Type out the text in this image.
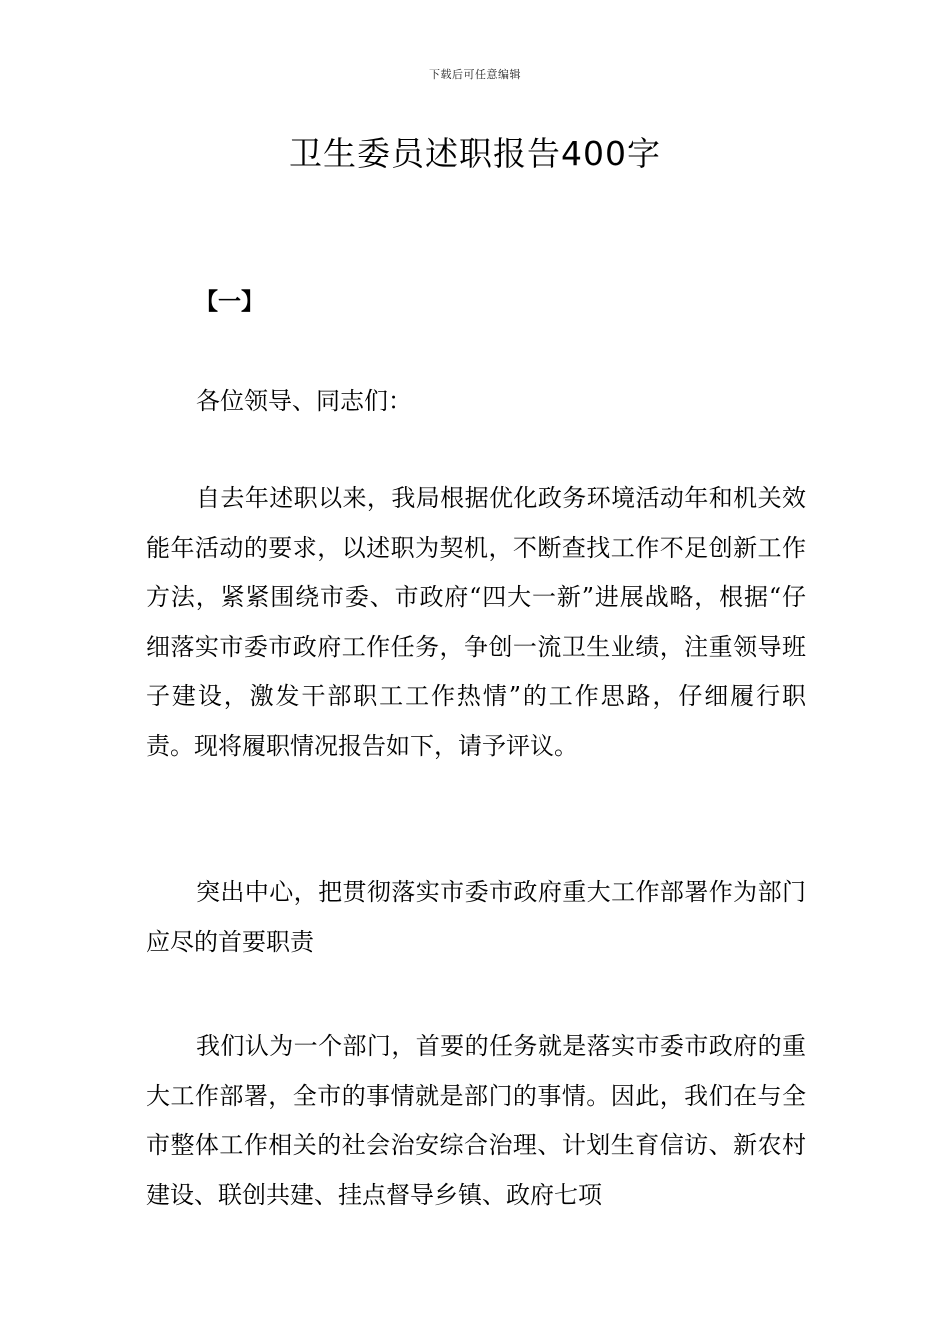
下载后可任意编辑
卫生委员述职报告400字
【一】

各位领导、同志们：

自去年述职以来，我局根据优化政务环境活动年和机关效能年活动的要求，以述职为契机，不断查找工作不足创新工作方法，紧紧围绕市委、市政府“四大一新”进展战略，根据“仔细落实市委市政府工作任务，争创一流卫生业绩，注重领导班子建设，激发干部职工工作热情”的工作思路，仔细履行职责。现将履职情况报告如下，请予评议。

突出中心，把贯彻落实市委市政府重大工作部署作为部门应尽的首要职责

我们认为一个部门，首要的任务就是落实市委市政府的重大工作部署，全市的事情就是部门的事情。因此，我们在与全市整体工作相关的社会治安综合治理、计划生育信访、新农村建设、联创共建、挂点督导乡镇、政府七项
